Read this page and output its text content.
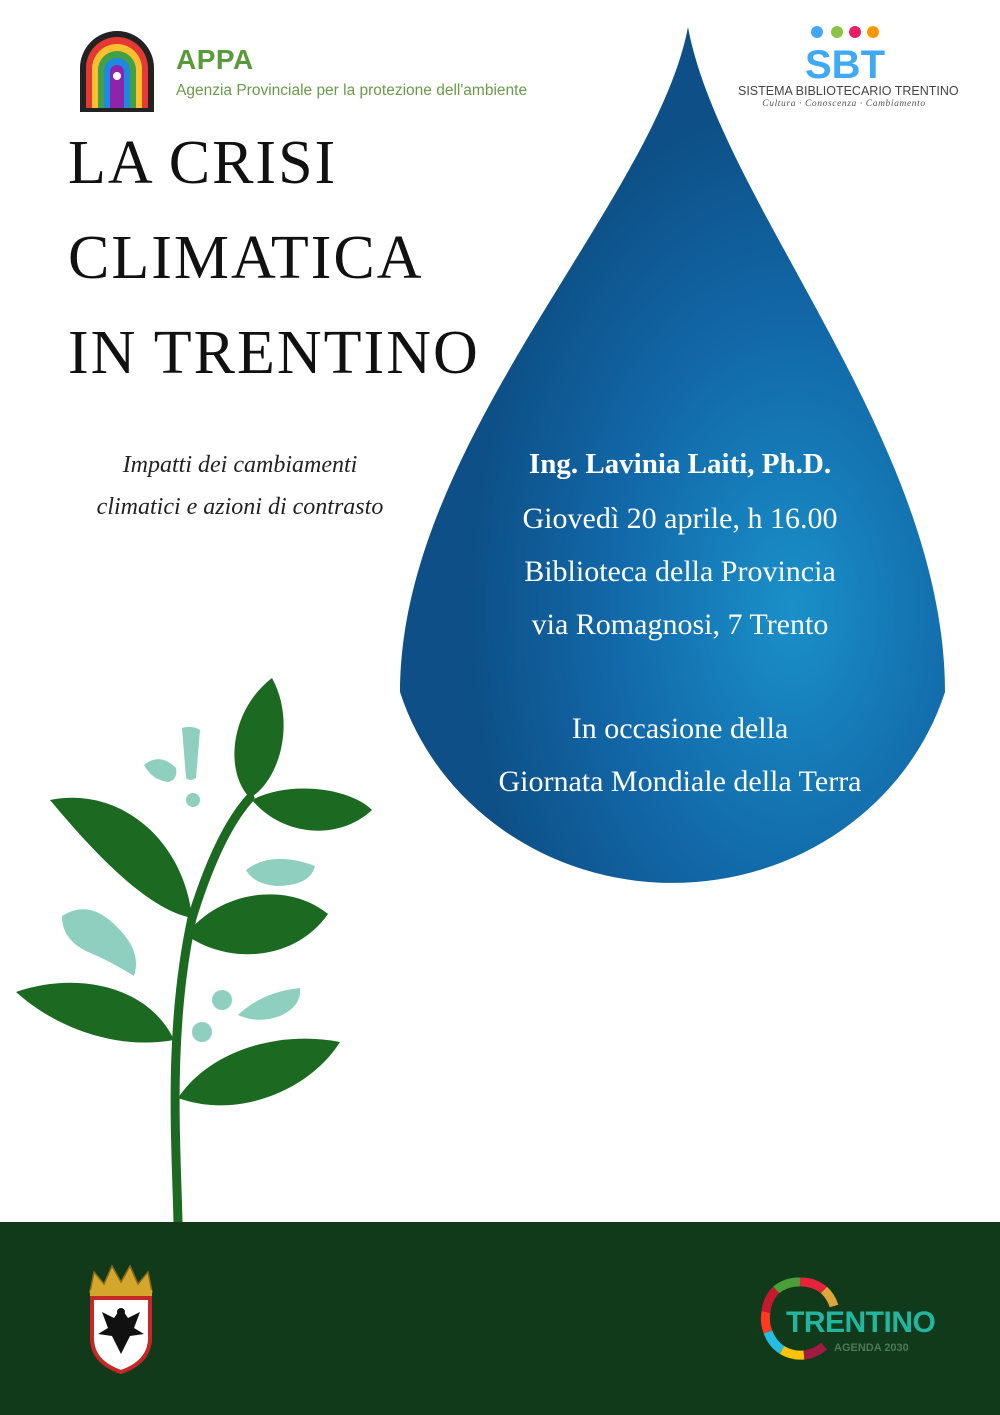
APPA
Agenzia Provinciale per la protezione dell'ambiente
SBT
SISTEMA BIBLIOTECARIO TRENTINO
Cultura · Conoscenza · Cambiamento
LA CRISI
CLIMATICA
IN TRENTINO
Impatti dei cambiamenti
climatici e azioni di contrasto
Ing. Lavinia Laiti, Ph.D.
Giovedì 20 aprile, h 16.00
Biblioteca della Provincia
via Romagnosi, 7 Trento
In occasione della
Giornata Mondiale della Terra
TRENTINO
AGENDA 2030
